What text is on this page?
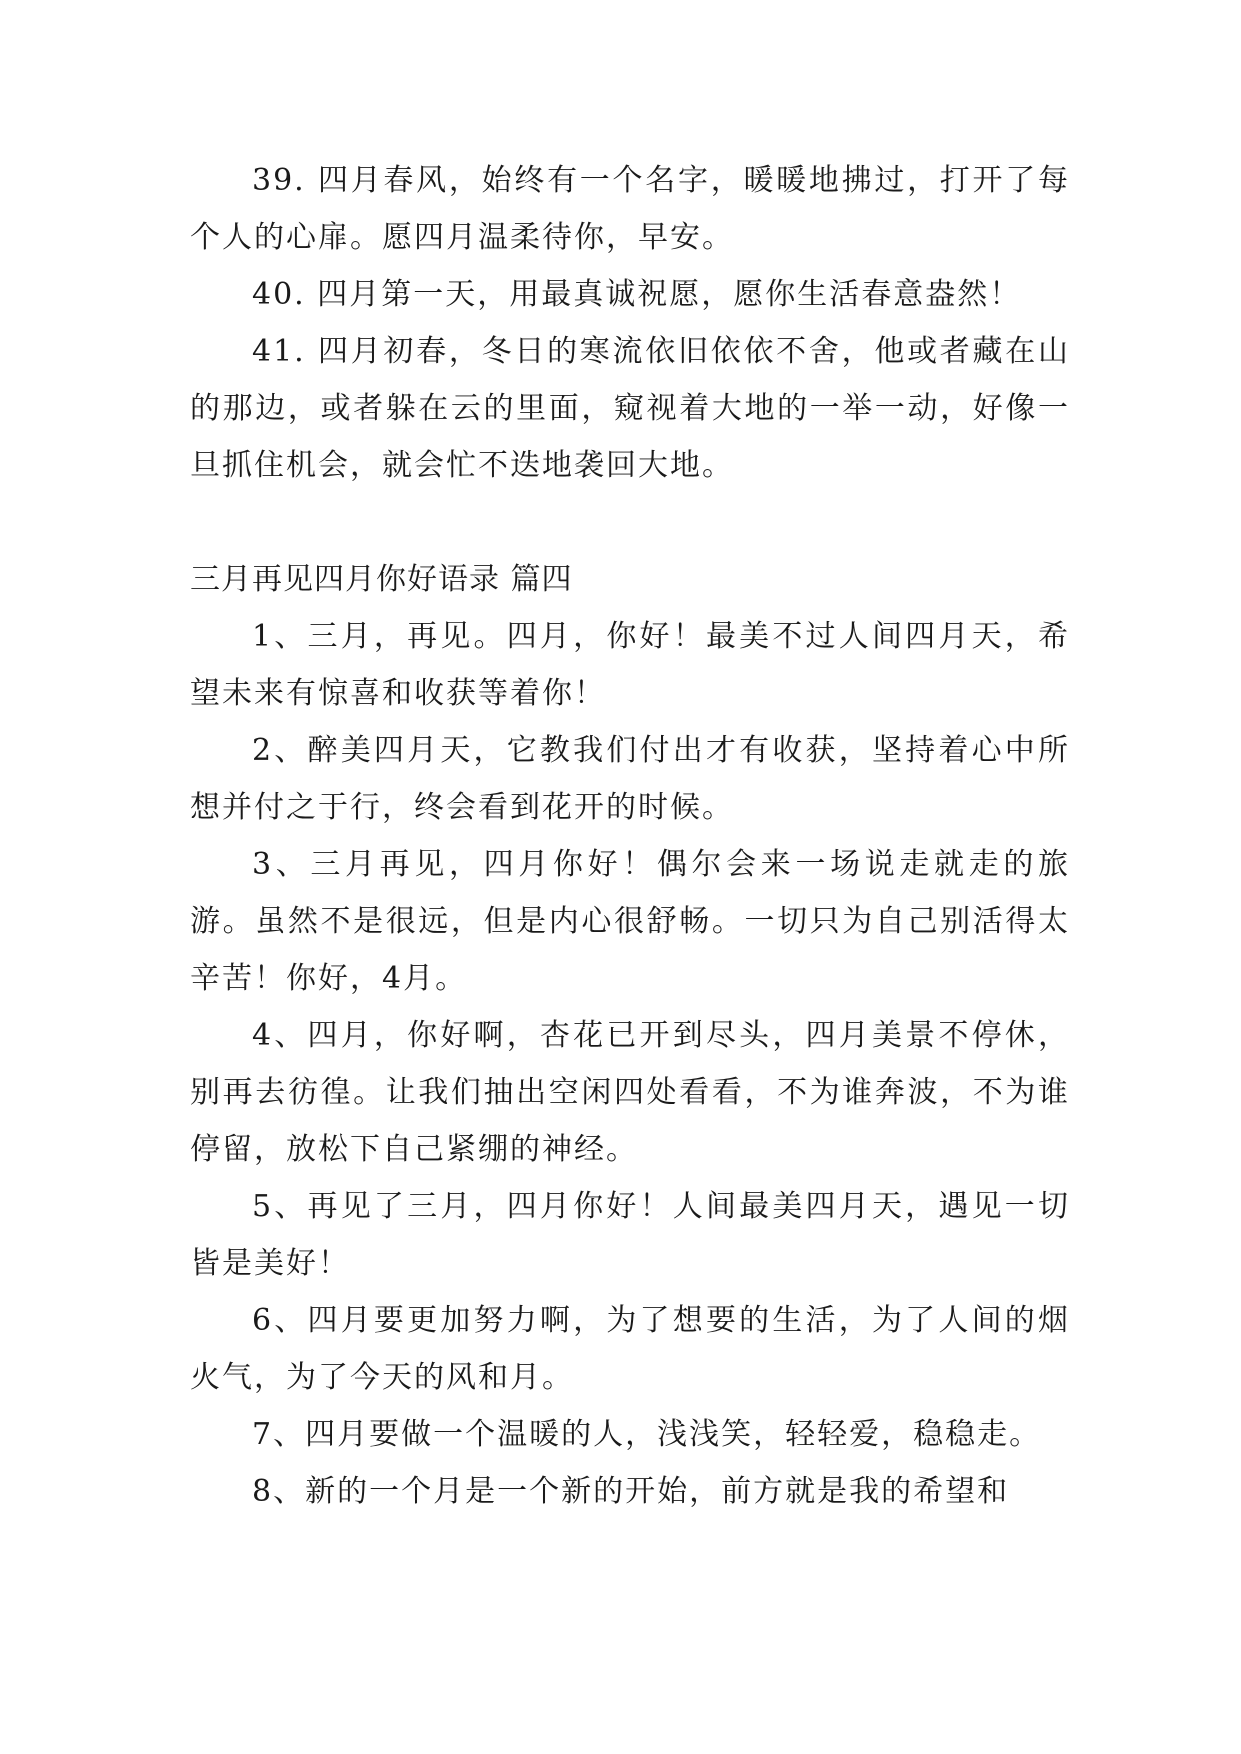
39. 四月春风，始终有一个名字，暖暖地拂过，打开了每个人的心扉。愿四月温柔待你，早安。

40. 四月第一天，用最真诚祝愿，愿你生活春意盎然！

41. 四月初春，冬日的寒流依旧依依不舍，他或者藏在山的那边，或者躲在云的里面，窥视着大地的一举一动，好像一旦抓住机会，就会忙不迭地袭回大地。

三月再见四月你好语录 篇四

1、三月，再见。四月，你好！最美不过人间四月天，希望未来有惊喜和收获等着你！

2、醉美四月天，它教我们付出才有收获，坚持着心中所想并付之于行，终会看到花开的时候。

3、三月再见，四月你好！偶尔会来一场说走就走的旅游。虽然不是很远，但是内心很舒畅。一切只为自己别活得太辛苦！你好，4月。

4、四月，你好啊，杏花已开到尽头，四月美景不停休，别再去彷徨。让我们抽出空闲四处看看，不为谁奔波，不为谁停留，放松下自己紧绷的神经。

5、再见了三月，四月你好！人间最美四月天，遇见一切皆是美好！

6、四月要更加努力啊，为了想要的生活，为了人间的烟火气，为了今天的风和月。

7、四月要做一个温暖的人，浅浅笑，轻轻爱，稳稳走。

8、新的一个月是一个新的开始，前方就是我的希望和
